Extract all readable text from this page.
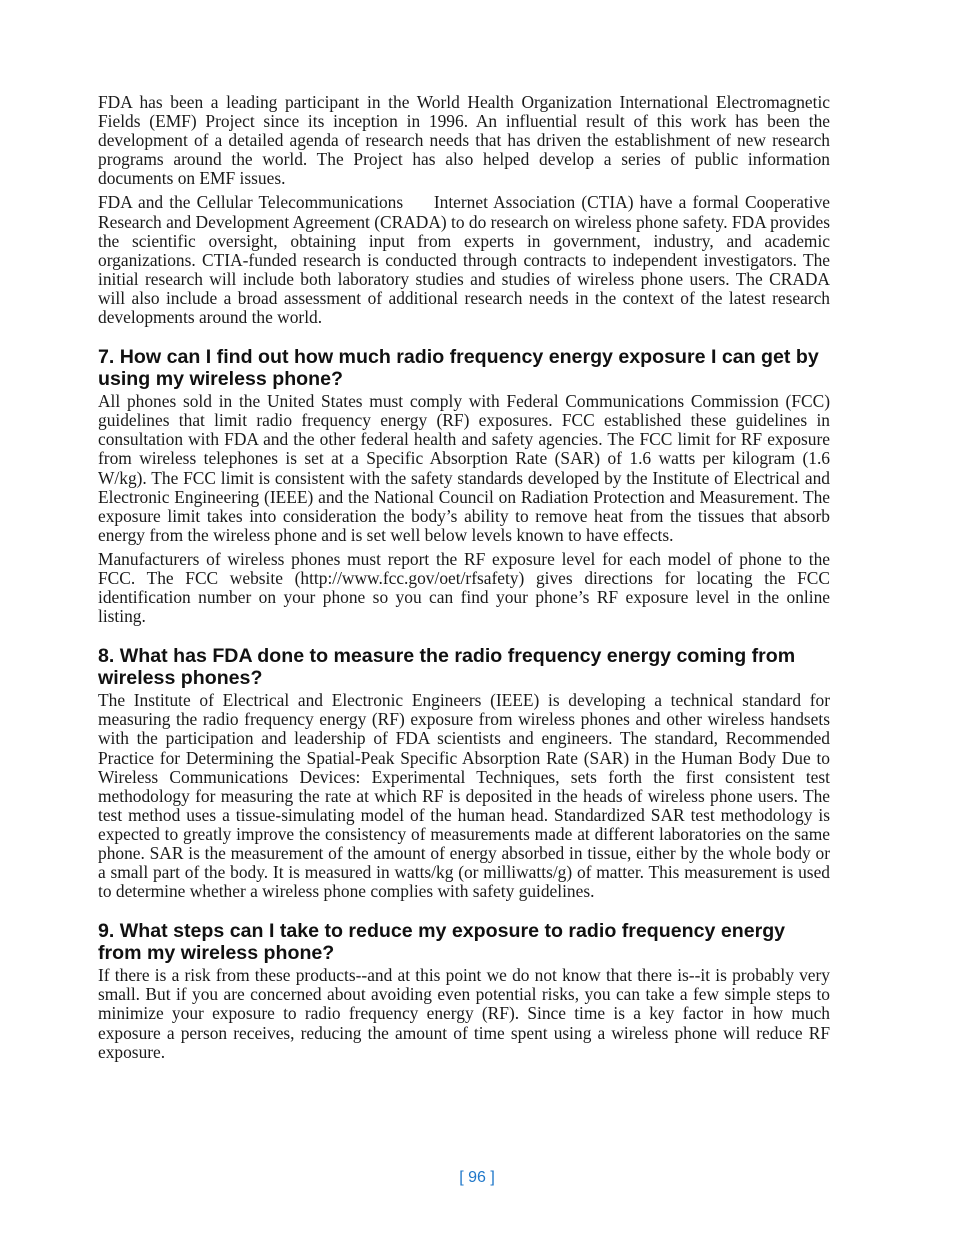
FDA has been a leading participant in the World Health Organization International Electromagnetic Fields (EMF) Project since its inception in 1996. An influential result of this work has been the development of a detailed agenda of research needs that has driven the establishment of new research programs around the world. The Project has also helped develop a series of public information documents on EMF issues.

FDA and the Cellular Telecommunications     Internet Association (CTIA) have a formal Cooperative Research and Development Agreement (CRADA) to do research on wireless phone safety. FDA provides the scientific oversight, obtaining input from experts in government, industry, and academic organizations. CTIA-funded research is conducted through contracts to independent investigators. The initial research will include both laboratory studies and studies of wireless phone users. The CRADA will also include a broad assessment of additional research needs in the context of the latest research developments around the world.

7. How can I find out how much radio frequency energy exposure I can get by using my wireless phone?

All phones sold in the United States must comply with Federal Communications Commission (FCC) guidelines that limit radio frequency energy (RF) exposures. FCC established these guidelines in consultation with FDA and the other federal health and safety agencies. The FCC limit for RF exposure from wireless telephones is set at a Specific Absorption Rate (SAR) of 1.6 watts per kilogram (1.6 W/kg). The FCC limit is consistent with the safety standards developed by the Institute of Electrical and Electronic Engineering (IEEE) and the National Council on Radiation Protection and Measurement. The exposure limit takes into consideration the body’s ability to remove heat from the tissues that absorb energy from the wireless phone and is set well below levels known to have effects.

Manufacturers of wireless phones must report the RF exposure level for each model of phone to the FCC. The FCC website (http://www.fcc.gov/oet/rfsafety) gives directions for locating the FCC identification number on your phone so you can find your phone’s RF exposure level in the online listing.

8. What has FDA done to measure the radio frequency energy coming from   wireless phones?

The Institute of Electrical and Electronic Engineers (IEEE) is developing a technical standard for measuring the radio frequency energy (RF) exposure from wireless phones and other wireless handsets with the participation and leadership of FDA scientists and engineers. The standard, Recommended Practice for Determining the Spatial-Peak Specific Absorption Rate (SAR) in the Human Body Due to Wireless Communications Devices: Experimental Techniques, sets forth the first consistent test methodology for measuring the rate at which RF is deposited in the heads of wireless phone users. The test method uses a tissue-simulating model of the human head. Standardized SAR test methodology is expected to greatly improve the consistency of measurements made at different laboratories on the same phone. SAR is the measurement of the amount of energy absorbed in tissue, either by the whole body or a small part of the body. It is measured in watts/kg (or milliwatts/g) of matter. This measurement is used to determine whether a wireless phone complies with safety guidelines.

9. What steps can I take to reduce my exposure to radio frequency energy from my wireless phone?

If there is a risk from these products--and at this point we do not know that there is--it is probably very small. But if you are concerned about avoiding even potential risks, you can take a few simple steps to minimize your exposure to radio frequency energy (RF). Since time is a key factor in how much exposure a person receives, reducing the amount of time spent using a wireless phone will reduce RF exposure.

[ 96 ]
